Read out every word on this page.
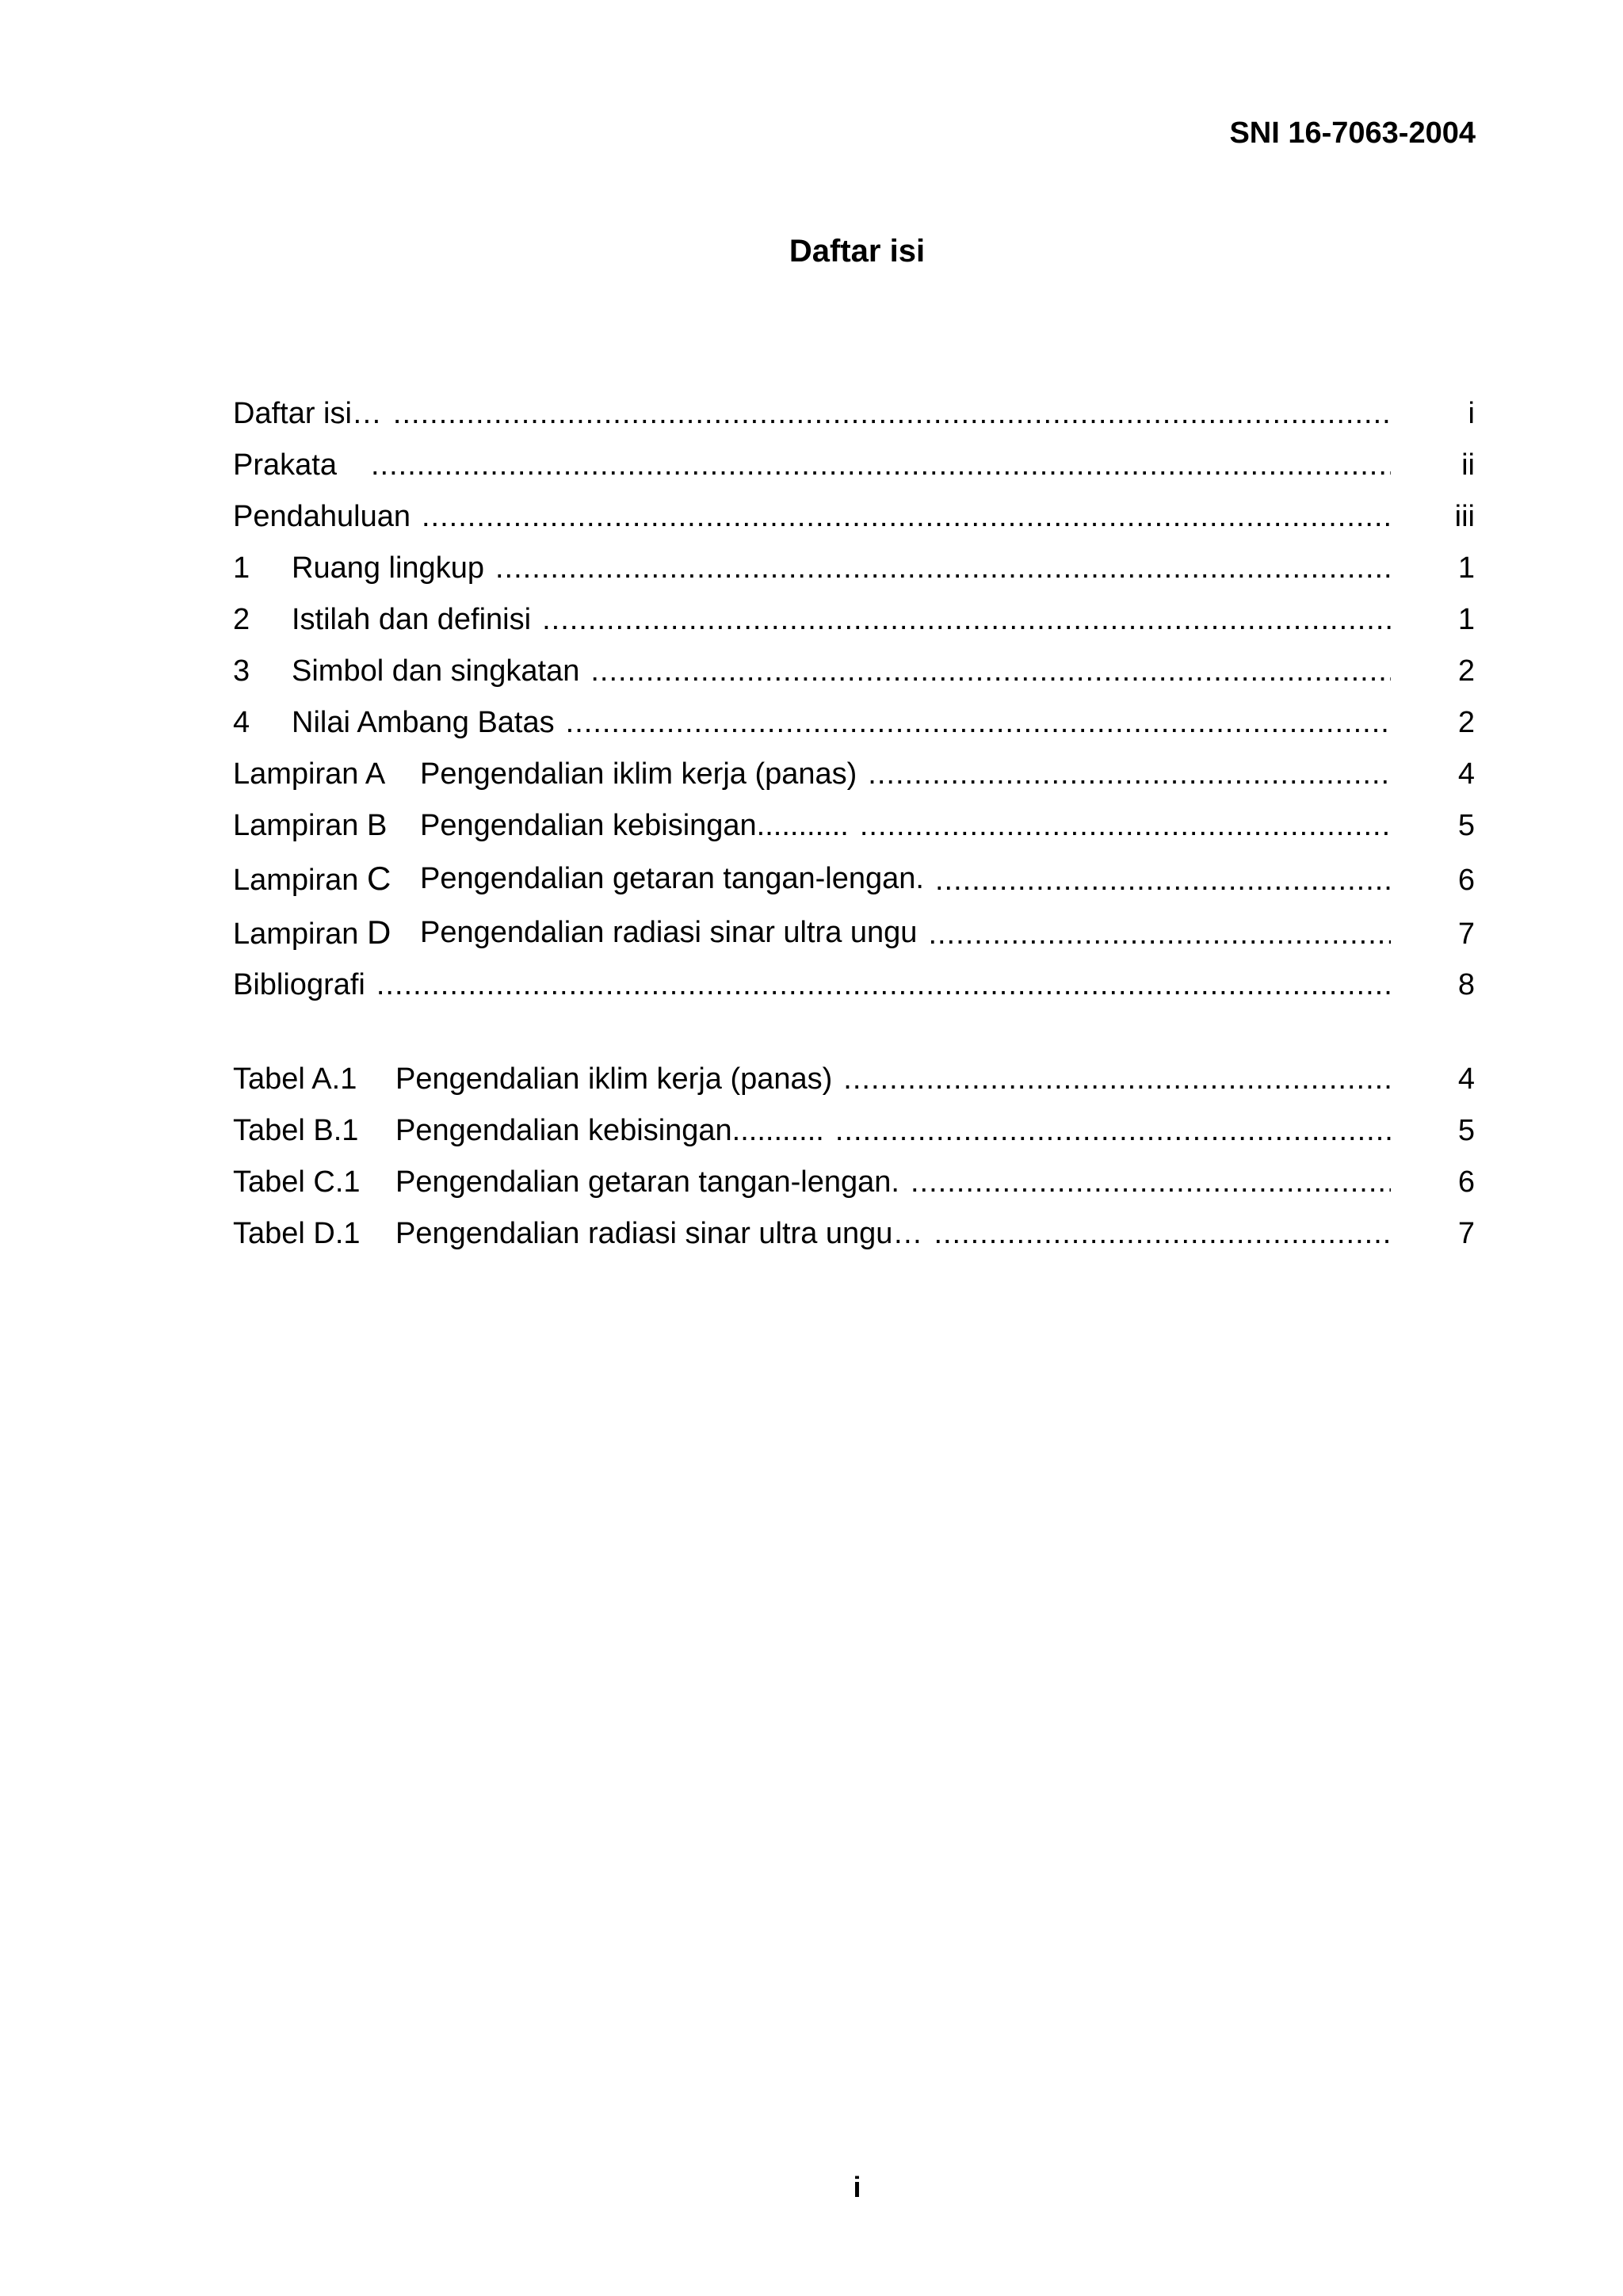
SNI 16-7063-2004
Daftar isi
Daftar isi… .....	i
Prakata .....	ii
Pendahuluan .....	iii
1	Ruang lingkup .....	1
2	Istilah dan definisi .....	1
3	Simbol dan singkatan .....	2
4	Nilai Ambang Batas .....	2
Lampiran A	Pengendalian iklim kerja (panas) .....	4
Lampiran B	Pengendalian kebisingan........... .....	5
Lampiran C Pengendalian getaran tangan-lengan. .....	6
Lampiran D Pengendalian radiasi sinar ultra ungu .....	7
Bibliografi .....	8
Tabel A.1	Pengendalian iklim kerja (panas) .....	4
Tabel B.1	Pengendalian kebisingan........... .....	5
Tabel C.1	Pengendalian getaran tangan-lengan. .....	6
Tabel D.1	Pengendalian radiasi sinar ultra ungu… .....	7
i
